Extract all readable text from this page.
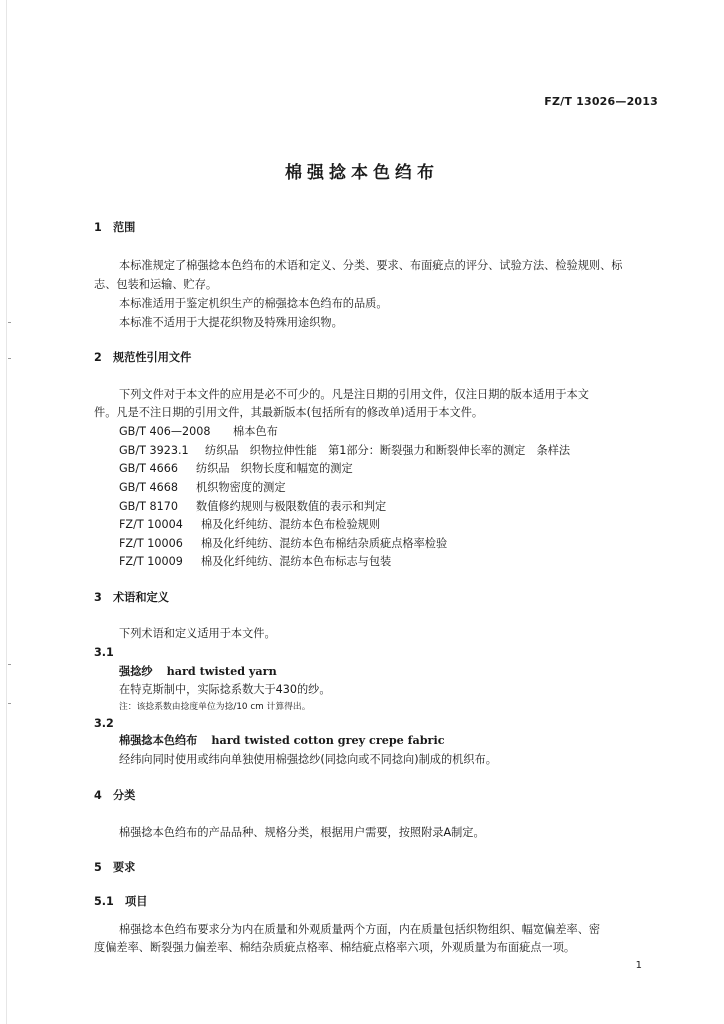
FZ/T 13026—2013
棉强捻本色绉布
1　范围
本标准规定了棉强捻本色绉布的术语和定义、分类、要求、布面疵点的评分、试验方法、检验规则、标
志、包装和运输、贮存。
本标准适用于鉴定机织生产的棉强捻本色绉布的品质。
本标准不适用于大提花织物及特殊用途织物。
2　规范性引用文件
下列文件对于本文件的应用是必不可少的。凡是注日期的引用文件，仅注日期的版本适用于本文
件。凡是不注日期的引用文件，其最新版本(包括所有的修改单)适用于本文件。
GB/T 406—2008 棉本色布
GB/T 3923.1 纺织品　织物拉伸性能　第1部分：断裂强力和断裂伸长率的测定　条样法
GB/T 4666 纺织品　织物长度和幅宽的测定
GB/T 4668 机织物密度的测定
GB/T 8170 数值修约规则与极限数值的表示和判定
FZ/T 10004 棉及化纤纯纺、混纺本色布检验规则
FZ/T 10006 棉及化纤纯纺、混纺本色布棉结杂质疵点格率检验
FZ/T 10009 棉及化纤纯纺、混纺本色布标志与包装
3　术语和定义
下列术语和定义适用于本文件。
3.1
强捻纱 hard twisted yarn
在特克斯制中，实际捻系数大于430的纱。
注：该捻系数由捻度单位为捻/10 cm 计算得出。
3.2
棉强捻本色绉布 hard twisted cotton grey crepe fabric
经纬向同时使用或纬向单独使用棉强捻纱(同捻向或不同捻向)制成的机织布。
4　分类
棉强捻本色绉布的产品品种、规格分类，根据用户需要，按照附录A制定。
5　要求
5.1　项目
棉强捻本色绉布要求分为内在质量和外观质量两个方面，内在质量包括织物组织、幅宽偏差率、密
度偏差率、断裂强力偏差率、棉结杂质疵点格率、棉结疵点格率六项，外观质量为布面疵点一项。
1
